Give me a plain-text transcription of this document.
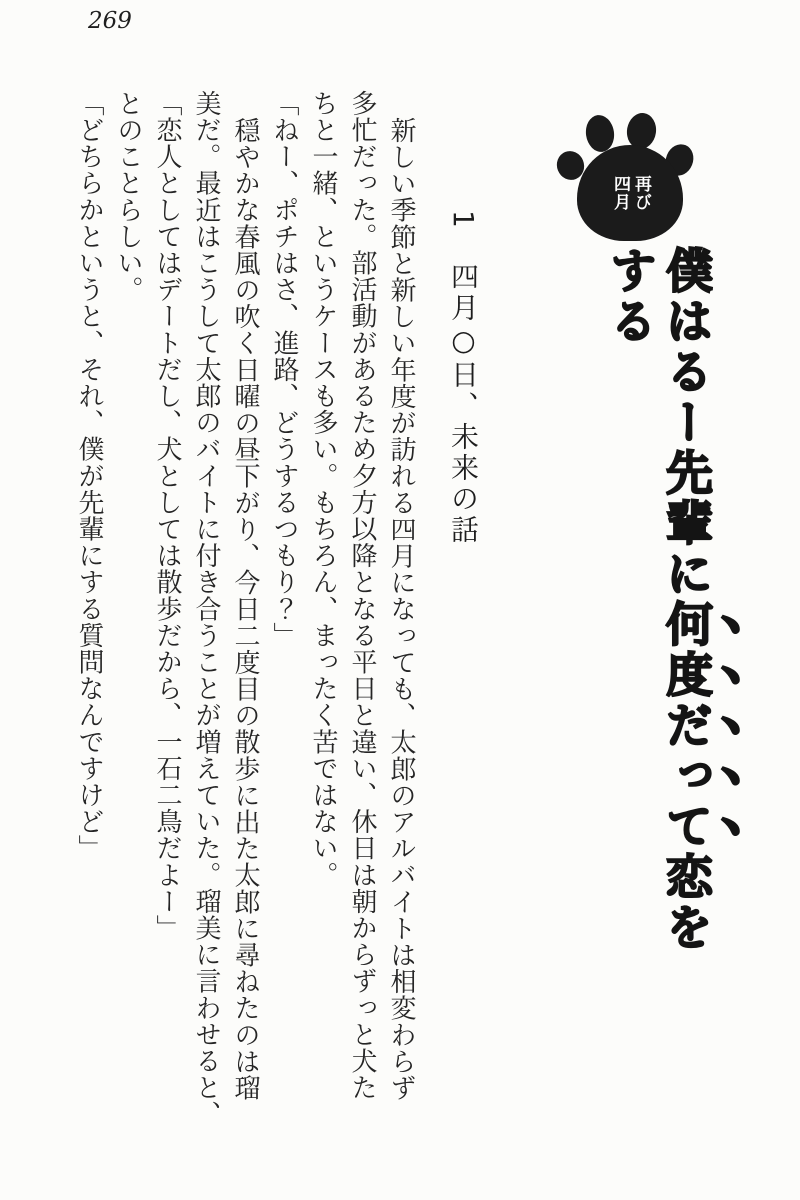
269
再び
四月
僕はるー先輩に何度だって恋をする
1　四月○日、未来の話
新しい季節と新しい年度が訪れる四月になっても、太郎のアルバイトは相変わらず
多忙だった。部活動があるため夕方以降となる平日と違い、休日は朝からずっと犬た
ちと一緒、というケースも多い。もちろん、まったく苦ではない。
「ねー、ポチはさ、進路、どうするつもり？」
穏やかな春風の吹く日曜の昼下がり、今日二度目の散歩に出た太郎に尋ねたのは瑠
美だ。最近はこうして太郎のバイトに付き合うことが増えていた。瑠美に言わせると、
「恋人としてはデートだし、犬としては散歩だから、一石二鳥だよー」
とのことらしい。
「どちらかというと、それ、僕が先輩にする質問なんですけど」
